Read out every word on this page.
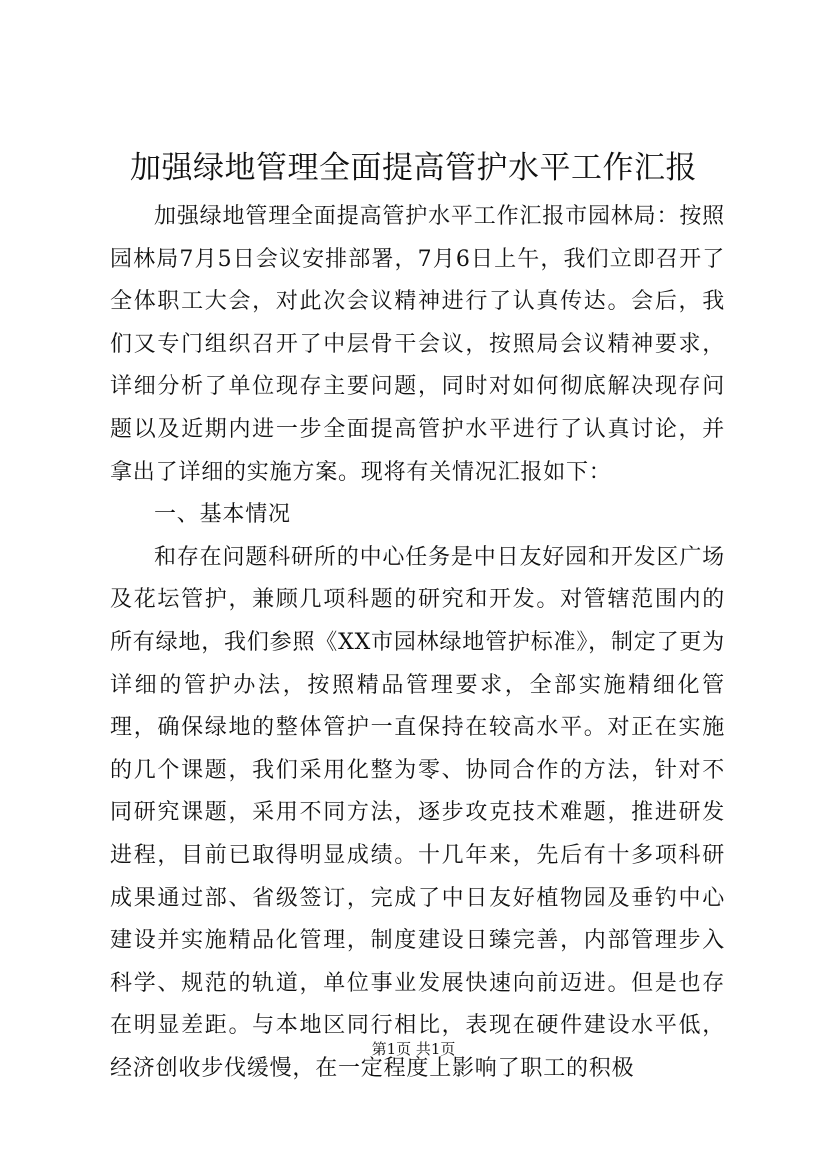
加强绿地管理全面提高管护水平工作汇报

加强绿地管理全面提高管护水平工作汇报市园林局：按照园林局7月5日会议安排部署，7月6日上午，我们立即召开了全体职工大会，对此次会议精神进行了认真传达。会后，我们又专门组织召开了中层骨干会议，按照局会议精神要求，详细分析了单位现存主要问题，同时对如何彻底解决现存问题以及近期内进一步全面提高管护水平进行了认真讨论，并拿出了详细的实施方案。现将有关情况汇报如下：

一、基本情况

和存在问题科研所的中心任务是中日友好园和开发区广场及花坛管护，兼顾几项科题的研究和开发。对管辖范围内的所有绿地，我们参照《XX市园林绿地管护标准》，制定了更为详细的管护办法，按照精品管理要求，全部实施精细化管理，确保绿地的整体管护一直保持在较高水平。对正在实施的几个课题，我们采用化整为零、协同合作的方法，针对不同研究课题，采用不同方法，逐步攻克技术难题，推进研发进程，目前已取得明显成绩。十几年来，先后有十多项科研成果通过部、省级签订，完成了中日友好植物园及垂钓中心建设并实施精品化管理，制度建设日臻完善，内部管理步入科学、规范的轨道，单位事业发展快速向前迈进。但是也存在明显差距。与本地区同行相比，表现在硬件建设水平低，经济创收步伐缓慢，在一定程度上影响了职工的积极

第1页 共1页
